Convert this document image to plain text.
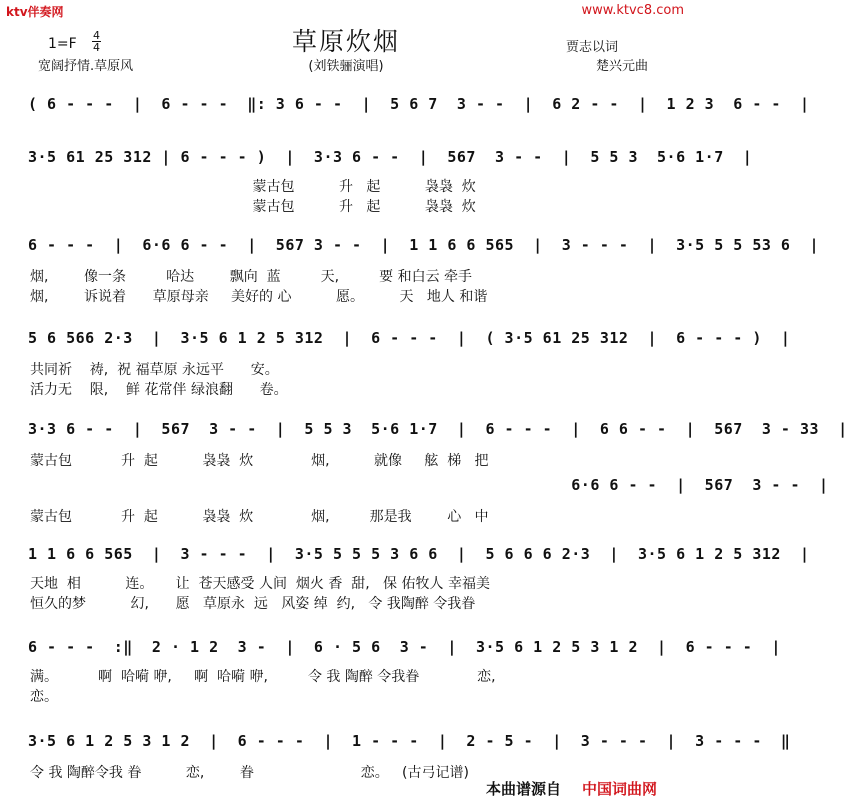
ktv伴奏网	www.ktvc8.com
草原炊烟
1=F
4
4
宽阔抒情.草原风	(刘铁骊演唱)
贾志以词
楚兴元曲
( 6 - - -  |  6 - - -  ‖: 3 6 - -  |  5 6 7  3 - -  |  6 2 - -  |  1 2 3  6 - -  |
3·5 61 25 312 | 6 - - - )  |  3·3 6 - -  |  567  3 - -  |  5 5 3  5·6 1·7  |
蒙古包          升   起          袅袅  炊
蒙古包          升   起          袅袅  炊
6 - - -  |  6·6 6 - -  |  567 3 - -  |  1 1 6 6 565  |  3 - - -  |  3·5 5 5 53 6  |
烟,        像一条         哈达        飘向  蓝         天,         要 和白云 牵手
烟,        诉说着      草原母亲     美好的 心          愿。        天   地人 和谐
5 6 566 2·3  |  3·5 6 1 2 5 312  |  6 - - -  |  ( 3·5 61 25 312  |  6 - - - )  |
共同祈    祷,  祝 福草原 永远平      安。
活力无    限,    鲜 花常伴 绿浪翻      卷。
3·3 6 - -  |  567  3 - -  |  5 5 3  5·6 1·7  |  6 - - -  |  6 6 - -  |  567  3 - 33  |
蒙古包           升  起          袅袅  炊             烟,          就像     舷  梯   把
6·6 6 - -  |  567  3 - -  |
蒙古包           升  起          袅袅  炊             烟,         那是我        心   中
1 1 6 6 565  |  3 - - -  |  3·5 5 5 5 3 6 6  |  5 6 6 6 2·3  |  3·5 6 1 2 5 312  |
天地  相          连。     让  苍天感受 人间  烟火 香  甜,   保 佑牧人 幸福美
恒久的梦          幻,      愿   草原永  远   风姿 绰  约,   令 我陶醉 令我眷
6 - - -  :‖  2 · 1 2  3 -  |  6 · 5 6  3 -  |  3·5 6 1 2 5 3 1 2  |  6 - - -  |
满。         啊  哈嗬 咿,     啊  哈嗬 咿,         令 我 陶醉 令我眷             恋,
恋。
3·5 6 1 2 5 3 1 2  |  6 - - -  |  1 - - -  |  2 - 5 -  |  3 - - -  |  3 - - -  ‖
令 我 陶醉令我 眷          恋,        眷                        恋。   (古弓记谱)
本曲谱源自 中国词曲网
